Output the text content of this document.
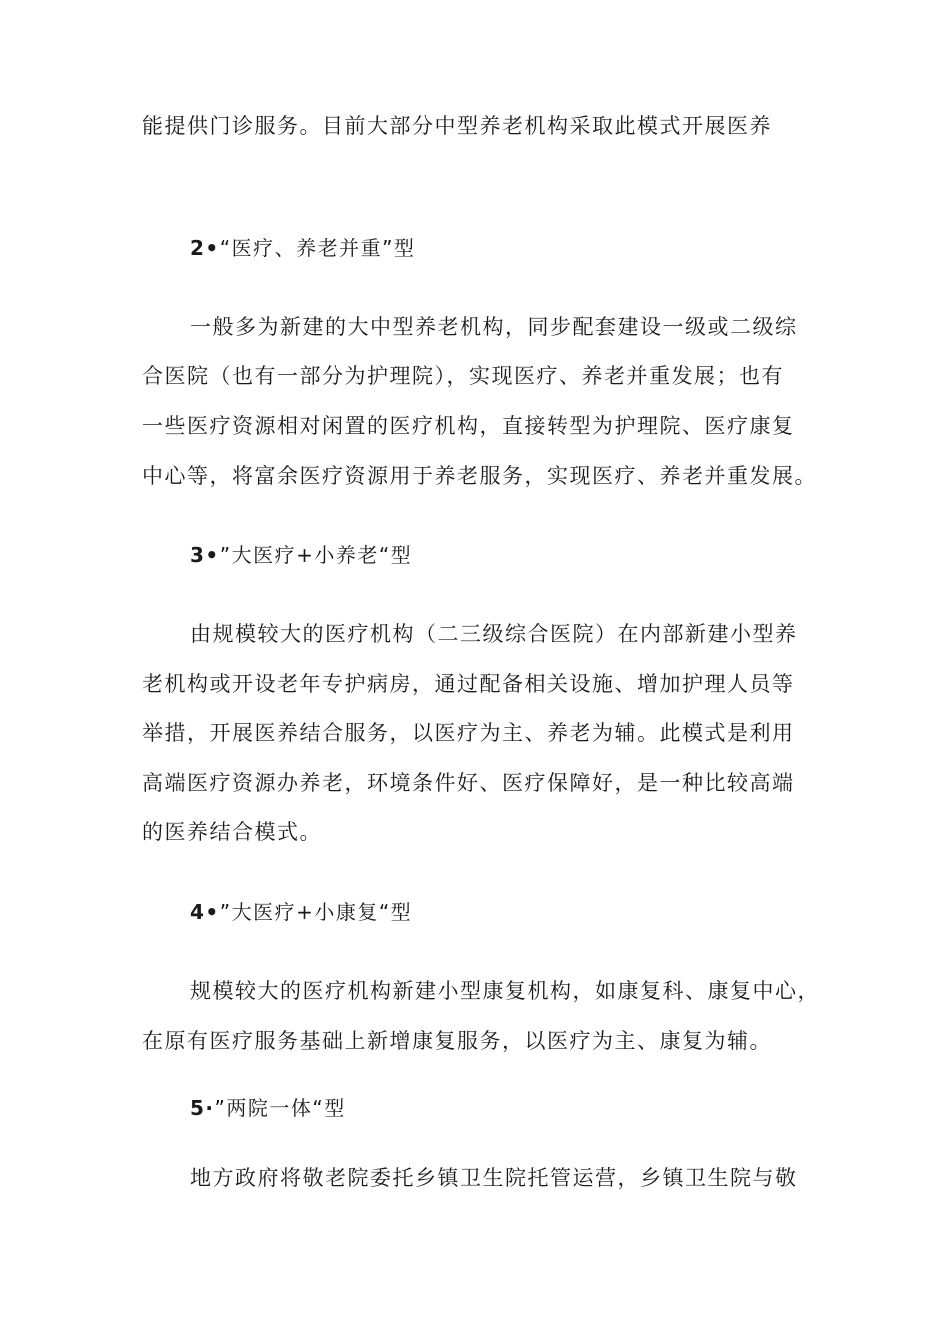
能提供门诊服务。目前大部分中型养老机构采取此模式开展医养
2•“医疗、养老并重”型
一般多为新建的大中型养老机构，同步配套建设一级或二级综
合医院（也有一部分为护理院），实现医疗、养老并重发展；也有
一些医疗资源相对闲置的医疗机构，直接转型为护理院、医疗康复
中心等，将富余医疗资源用于养老服务，实现医疗、养老并重发展。
3•”大医疗+小养老“型
由规模较大的医疗机构（二三级综合医院）在内部新建小型养
老机构或开设老年专护病房，通过配备相关设施、增加护理人员等
举措，开展医养结合服务，以医疗为主、养老为辅。此模式是利用
高端医疗资源办养老，环境条件好、医疗保障好，是一种比较高端
的医养结合模式。
4•”大医疗+小康复“型
规模较大的医疗机构新建小型康复机构，如康复科、康复中心，
在原有医疗服务基础上新增康复服务，以医疗为主、康复为辅。
5·”两院一体“型
地方政府将敬老院委托乡镇卫生院托管运营，乡镇卫生院与敬
